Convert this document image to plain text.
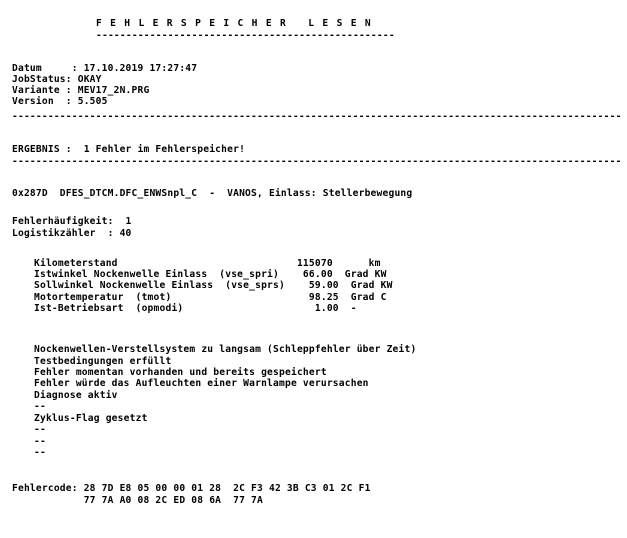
F E H L E R S P E I C H E R   L E S E N
--------------------------------------------------
Datum     : 17.10.2019 17:27:47
JobStatus: OKAY
Variante : MEV17_2N.PRG
Version  : 5.505
------------------------------------------------------------------------------------------------------
ERGEBNIS :  1 Fehler im Fehlerspeicher!
------------------------------------------------------------------------------------------------------
0x287D  DFES_DTCM.DFC_ENWSnpl_C  -  VANOS, Einlass: Stellerbewegung
Fehlerhäufigkeit:  1
Logistikzähler  : 40
Kilometerstand                              115070      km
Istwinkel Nockenwelle Einlass  (vse_spri)    66.00  Grad KW
Sollwinkel Nockenwelle Einlass  (vse_sprs)    59.00  Grad KW
Motortemperatur  (tmot)                       98.25  Grad C
Ist-Betriebsart  (opmodi)                      1.00  -
Nockenwellen-Verstellsystem zu langsam (Schleppfehler über Zeit)
Testbedingungen erfüllt
Fehler momentan vorhanden und bereits gespeichert
Fehler würde das Aufleuchten einer Warnlampe verursachen
Diagnose aktiv
--
Zyklus-Flag gesetzt
--
--
--
Fehlercode: 28 7D E8 05 00 00 01 28  2C F3 42 3B C3 01 2C F1
77 7A A0 08 2C ED 08 6A  77 7A
